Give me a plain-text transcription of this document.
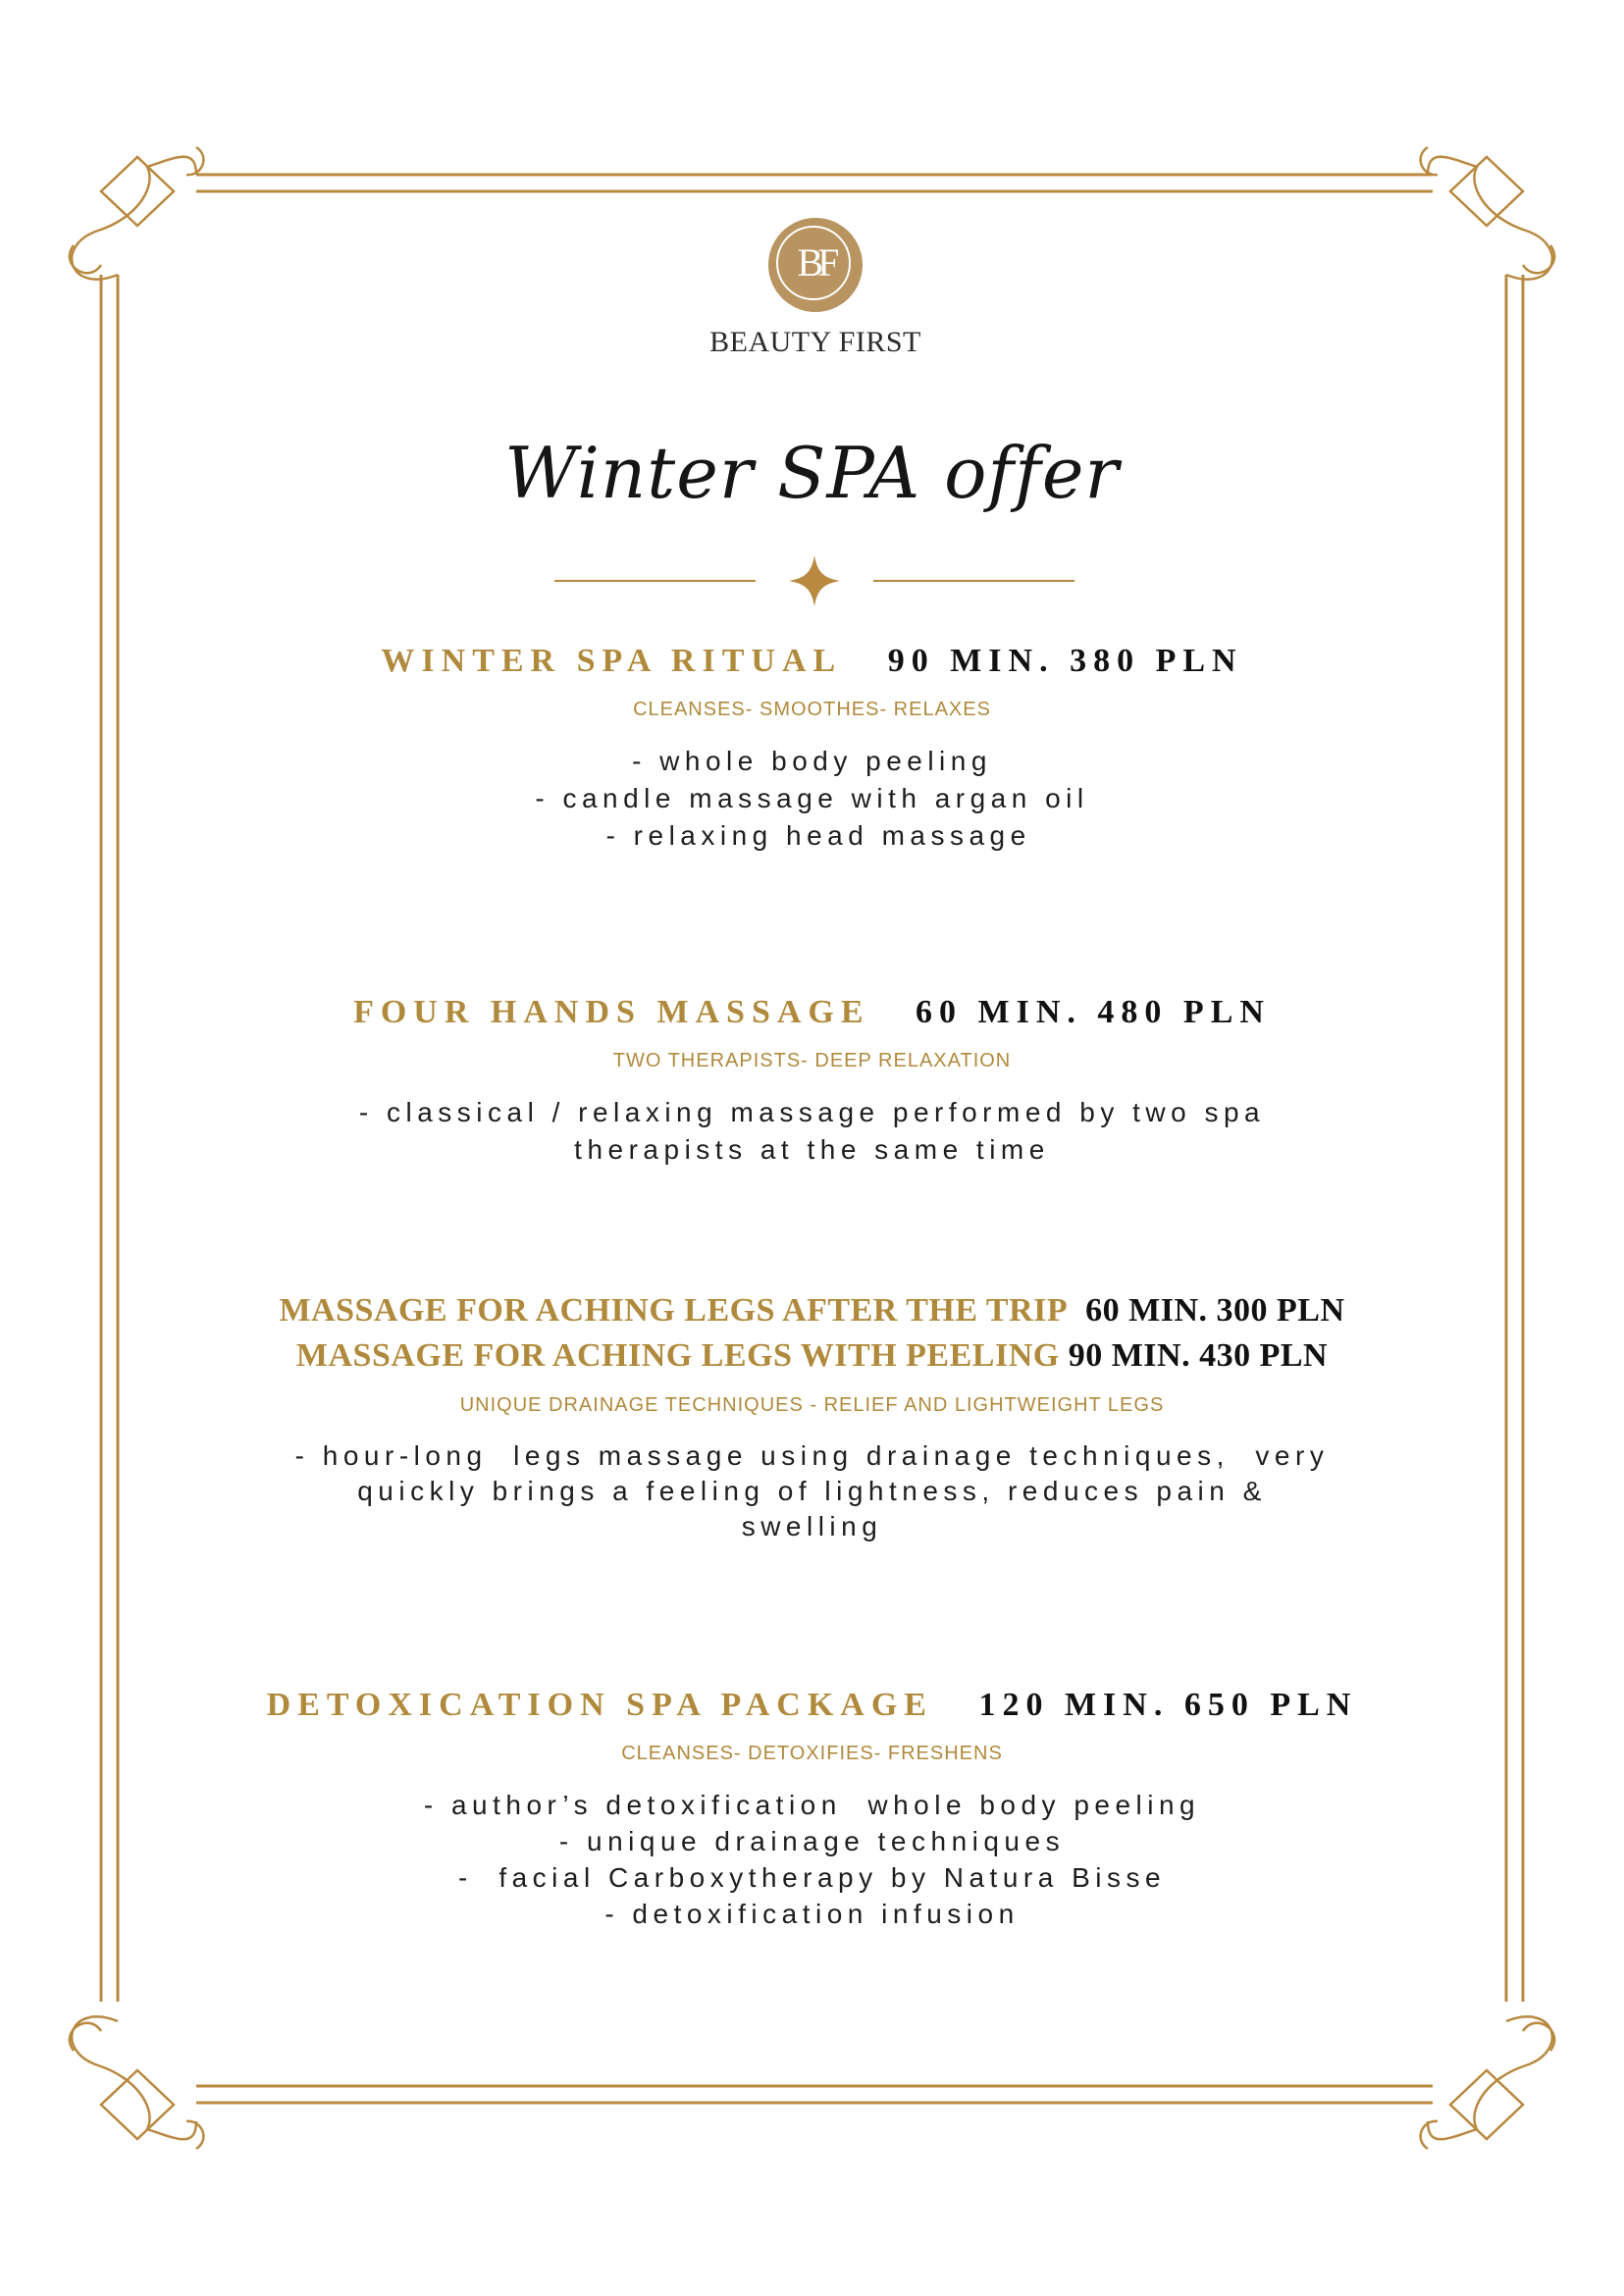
BF
BEAUTY FIRST
Winter SPA offer
WINTER SPA RITUAL 90 MIN. 380 PLN
CLEANSES- SMOOTHES- RELAXES
- whole body peeling
- candle massage with argan oil
- relaxing head massage
FOUR HANDS MASSAGE 60 MIN. 480 PLN
TWO THERAPISTS- DEEP RELAXATION
- classical / relaxing massage performed by two spa
therapists at the same time
MASSAGE FOR ACHING LEGS AFTER THE TRIP 60 MIN. 300 PLN
MASSAGE FOR ACHING LEGS WITH PEELING 90 MIN. 430 PLN
UNIQUE DRAINAGE TECHNIQUES - RELIEF AND LIGHTWEIGHT LEGS
- hour-long  legs massage using drainage techniques,  very
quickly brings a feeling of lightness, reduces pain &
swelling
DETOXICATION SPA PACKAGE 120 MIN. 650 PLN
CLEANSES- DETOXIFIES- FRESHENS
- author’s detoxification  whole body peeling
- unique drainage techniques
-  facial Carboxytherapy by Natura Bisse
- detoxification infusion
